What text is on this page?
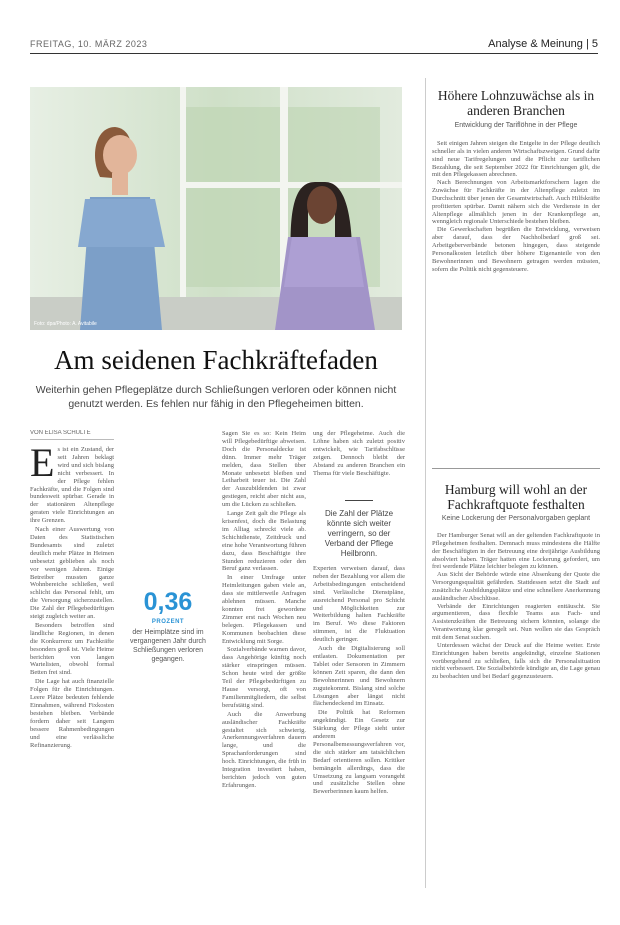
FREITAG, 10. MÄRZ 2023	Analyse & Meinung | 5
Foto: dpa/Photo: A. Avitabile
Am seidenen Fachkräftefaden
Weiterhin gehen Pflegeplätze durch Schließungen verloren oder können nicht genutzt werden. Es fehlen nur fähig in den Pflegeheimen bitten.
VON ELISA SCHULTE
E s ist ein Zustand, der seit Jahren beklagt wird und sich bislang nicht verbessert. In der Pflege fehlen Fachkräfte, und die Folgen sind bundesweit spürbar. Gerade in der stationären Altenpflege geraten viele Einrichtungen an ihre Grenzen.

Nach einer Auswertung von Daten des Statistischen Bundesamts sind zuletzt deutlich mehr Plätze in Heimen unbesetzt geblieben als noch vor wenigen Jahren. Einige Betreiber mussten ganze Wohnbereiche schließen, weil schlicht das Personal fehlt, um die Versorgung sicherzustellen. Die Zahl der Pflegebedürftigen steigt zugleich weiter an.

Besonders betroffen sind ländliche Regionen, in denen die Konkurrenz um Fachkräfte besonders groß ist. Viele Heime berichten von langen Wartelisten, obwohl formal Betten frei sind.

Die Lage hat auch finanzielle Folgen für die Einrichtungen. Leere Plätze bedeuten fehlende Einnahmen, während Fixkosten bestehen bleiben. Verbände fordern daher seit Langem bessere Rahmenbedingungen und eine verlässliche Refinanzierung.

0,36
PROZENT
der Heimplätze sind im vergangenen Jahr durch Schließungen verloren gegangen.

Sagen Sie es so: Kein Heim will Pflegebedürftige abweisen. Doch die Personaldecke ist dünn. Immer mehr Träger melden, dass Stellen über Monate unbesetzt bleiben und Leiharbeit teuer ist. Die Zahl der Auszubildenden ist zwar gestiegen, reicht aber nicht aus, um die Lücken zu schließen.

Lange Zeit galt die Pflege als krisenfest, doch die Belastung im Alltag schreckt viele ab. Schichtdienste, Zeitdruck und eine hohe Verantwortung führen dazu, dass Beschäftigte ihre Stunden reduzieren oder den Beruf ganz verlassen.

In einer Umfrage unter Heimleitungen gaben viele an, dass sie mittlerweile Anfragen ablehnen müssen. Manche konnten frei gewordene Zimmer erst nach Wochen neu belegen. Pflegekassen und Kommunen beobachten diese Entwicklung mit Sorge.

Sozialverbände warnen davor, dass Angehörige künftig noch stärker einspringen müssen. Schon heute wird der größte Teil der Pflegebedürftigen zu Hause versorgt, oft von Familienmitgliedern, die selbst berufstätig sind.

Auch die Anwerbung ausländischer Fachkräfte gestaltet sich schwierig. Anerkennungsverfahren dauern lange, und die Sprachanforderungen sind hoch. Einrichtungen, die früh in Integration investiert haben, berichten jedoch von guten Erfahrungen.

ung der Pflegeheime. Auch die Löhne haben sich zuletzt positiv entwickelt, wie Tarifabschlüsse zeigen. Dennoch bleibt der Abstand zu anderen Branchen ein Thema für viele Beschäftigte.

Die Zahl der Plätze könnte sich weiter verringern, so der Verband der Pflege Heilbronn.

Experten verweisen darauf, dass neben der Bezahlung vor allem die Arbeitsbedingungen entscheidend sind. Verlässliche Dienstpläne, ausreichend Personal pro Schicht und Möglichkeiten zur Weiterbildung halten Fachkräfte im Beruf. Wo diese Faktoren stimmen, ist die Fluktuation deutlich geringer.

Auch die Digitalisierung soll entlasten. Dokumentation per Tablet oder Sensoren in Zimmern können Zeit sparen, die dann den Bewohnerinnen und Bewohnern zugutekommt. Bislang sind solche Lösungen aber längst nicht flächendeckend im Einsatz.

Die Politik hat Reformen angekündigt. Ein Gesetz zur Stärkung der Pflege sieht unter anderem Personalbemessungsverfahren vor, die sich stärker am tatsächlichen Bedarf orientieren sollen. Kritiker bemängeln allerdings, dass die Umsetzung zu langsam vorangeht und zusätzliche Stellen ohne Bewerberinnen kaum helfen.

Höhere Lohnzuwächse als in anderen Branchen
Entwicklung der Tariflöhne in der Pflege

Seit einigen Jahren steigen die Entgelte in der Pflege deutlich schneller als in vielen anderen Wirtschaftszweigen. Grund dafür sind neue Tarifregelungen und die Pflicht zur tariflichen Bezahlung, die seit September 2022 für Einrichtungen gilt, die mit den Pflegekassen abrechnen.

Nach Berechnungen von Arbeitsmarktforschern lagen die Zuwächse für Fachkräfte in der Altenpflege zuletzt im Durchschnitt über jenen der Gesamtwirtschaft. Auch Hilfskräfte profitierten spürbar. Damit nähern sich die Verdienste in der Altenpflege allmählich jenen in der Krankenpflege an, wenngleich regionale Unterschiede bestehen bleiben.

Die Gewerkschaften begrüßen die Entwicklung, verweisen aber darauf, dass der Nachholbedarf groß sei. Arbeitgeberverbände betonen hingegen, dass steigende Personalkosten letztlich über höhere Eigenanteile von den Bewohnerinnen und Bewohnern getragen werden müssten, sofern die Politik nicht gegensteuere.

Hamburg will wohl an der Fachkraftquote festhalten
Keine Lockerung der Personalvorgaben geplant

Der Hamburger Senat will an der geltenden Fachkraftquote in Pflegeheimen festhalten. Demnach muss mindestens die Hälfte der Beschäftigten in der Betreuung eine dreijährige Ausbildung absolviert haben. Träger hatten eine Lockerung gefordert, um frei werdende Plätze leichter belegen zu können.

Aus Sicht der Behörde würde eine Absenkung der Quote die Versorgungsqualität gefährden. Stattdessen setzt die Stadt auf zusätzliche Ausbildungsplätze und eine schnellere Anerkennung ausländischer Abschlüsse.

Verbände der Einrichtungen reagierten enttäuscht. Sie argumentieren, dass flexible Teams aus Fach- und Assistenzkräften die Betreuung sichern könnten, solange die Verantwortung klar geregelt sei. Nun wollen sie das Gespräch mit dem Senat suchen.

Unterdessen wächst der Druck auf die Heime weiter. Erste Einrichtungen haben bereits angekündigt, einzelne Stationen vorübergehend zu schließen, falls sich die Personalsituation nicht verbessert. Die Sozialbehörde kündigte an, die Lage genau zu beobachten und bei Bedarf gegenzusteuern.
